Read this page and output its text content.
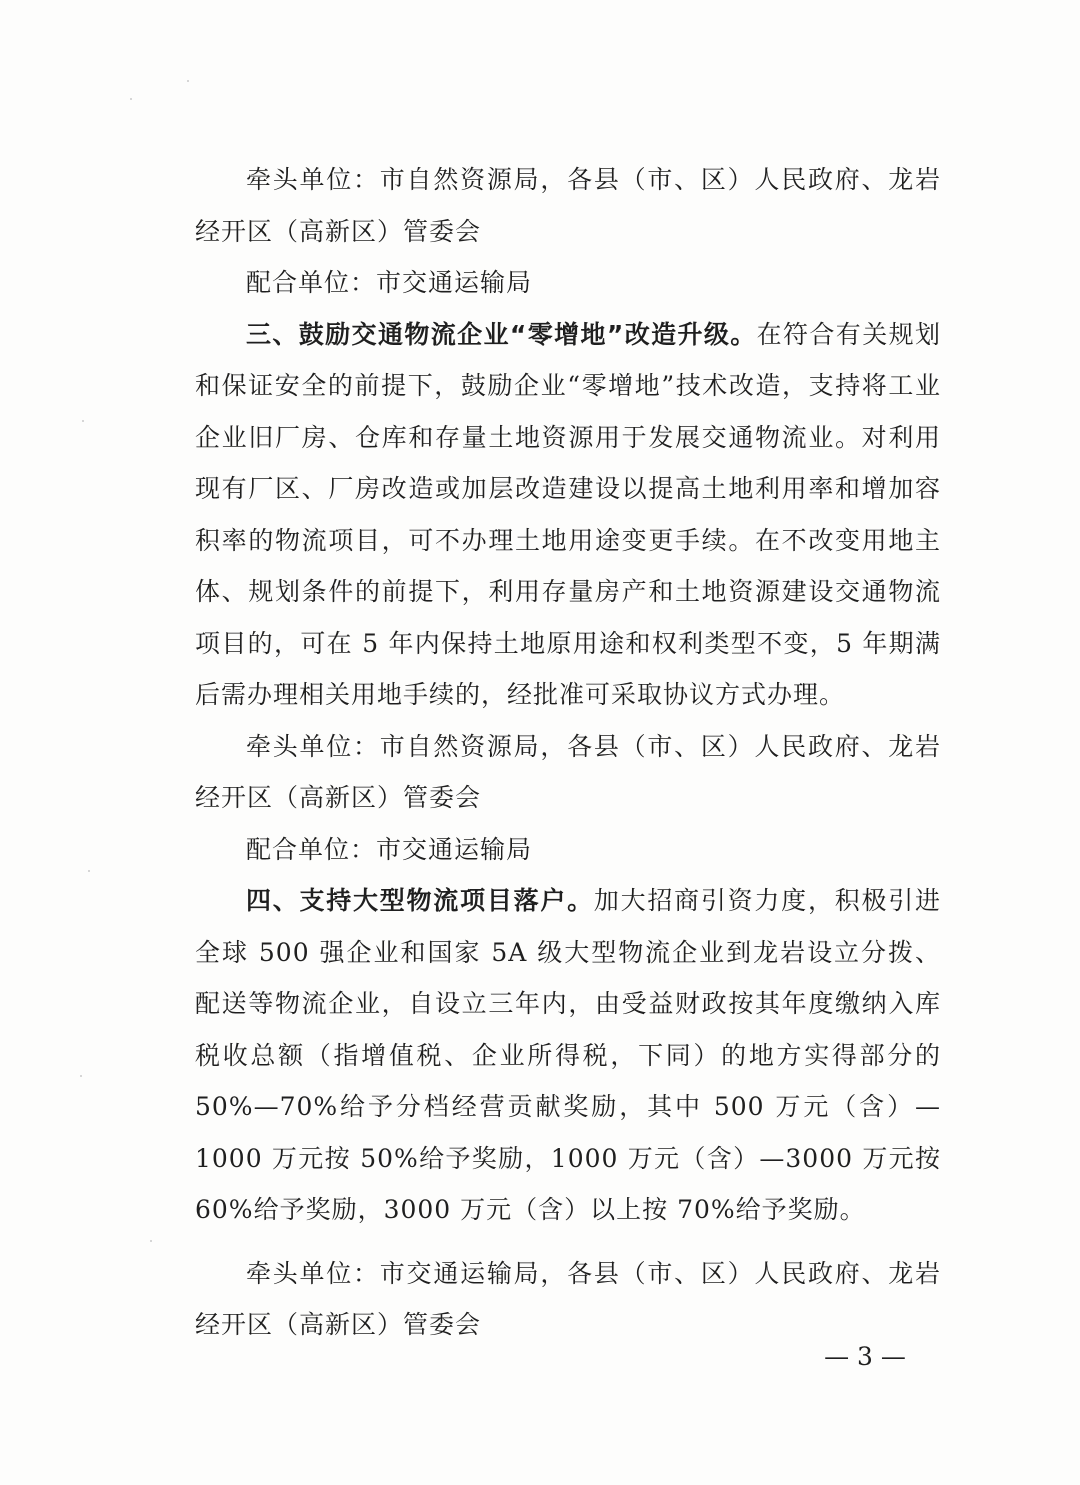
牵头单位：市自然资源局，各县（市、区）人民政府、龙岩经开区（高新区）管委会

配合单位：市交通运输局

三、鼓励交通物流企业“零增地”改造升级。在符合有关规划和保证安全的前提下，鼓励企业“零增地”技术改造，支持将工业企业旧厂房、仓库和存量土地资源用于发展交通物流业。对利用现有厂区、厂房改造或加层改造建设以提高土地利用率和增加容积率的物流项目，可不办理土地用途变更手续。在不改变用地主体、规划条件的前提下，利用存量房产和土地资源建设交通物流项目的，可在 5 年内保持土地原用途和权利类型不变，5 年期满后需办理相关用地手续的，经批准可采取协议方式办理。

牵头单位：市自然资源局，各县（市、区）人民政府、龙岩经开区（高新区）管委会

配合单位：市交通运输局

四、支持大型物流项目落户。加大招商引资力度，积极引进全球 500 强企业和国家 5A 级大型物流企业到龙岩设立分拨、配送等物流企业，自设立三年内，由受益财政按其年度缴纳入库税收总额（指增值税、企业所得税，下同）的地方实得部分的 50%—70%给予分档经营贡献奖励，其中 500 万元（含）—1000 万元按 50%给予奖励，1000 万元（含）—3000 万元按 60%给予奖励，3000 万元（含）以上按 70%给予奖励。

牵头单位：市交通运输局，各县（市、区）人民政府、龙岩经开区（高新区）管委会

— 3 —
